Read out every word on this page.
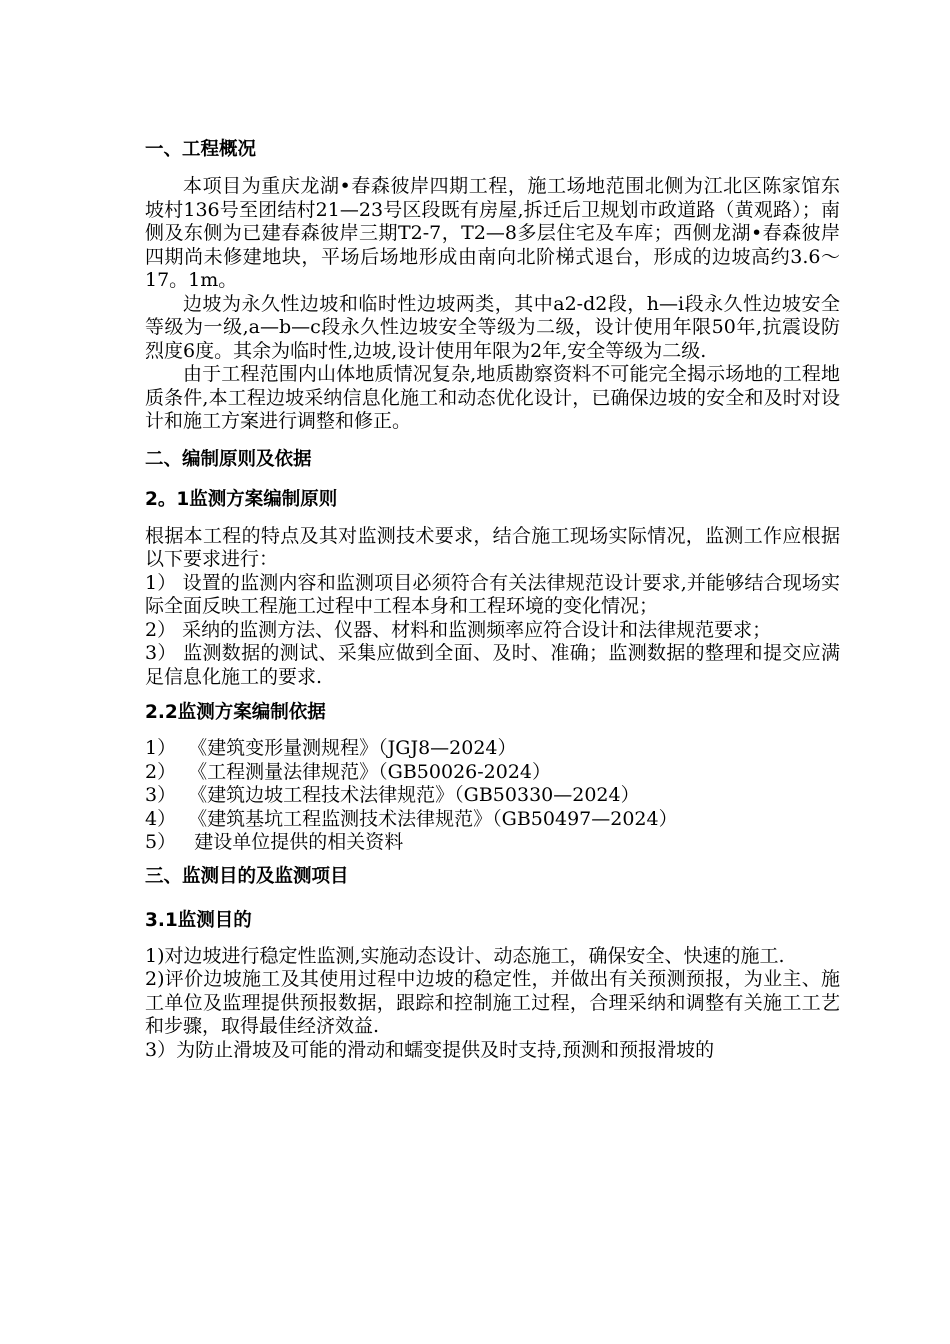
一、工程概况

本项目为重庆龙湖•春森彼岸四期工程，施工场地范围北侧为江北区陈家馆东坡村136号至团结村21—23号区段既有房屋,拆迁后卫规划市政道路（黄观路）；南侧及东侧为已建春森彼岸三期T2-7，T2—8多层住宅及车库；西侧龙湖•春森彼岸四期尚未修建地块，平场后场地形成由南向北阶梯式退台，形成的边坡高约3.6～17。1m。

边坡为永久性边坡和临时性边坡两类，其中a2-d2段，h—i段永久性边坡安全等级为一级,a—b—c段永久性边坡安全等级为二级，设计使用年限50年,抗震设防烈度6度。其余为临时性,边坡,设计使用年限为2年,安全等级为二级.

由于工程范围内山体地质情况复杂,地质勘察资料不可能完全揭示场地的工程地质条件,本工程边坡采纳信息化施工和动态优化设计，已确保边坡的安全和及时对设计和施工方案进行调整和修正。

二、编制原则及依据
2。1监测方案编制原则

根据本工程的特点及其对监测技术要求，结合施工现场实际情况，监测工作应根据以下要求进行：

1） 设置的监测内容和监测项目必须符合有关法律规范设计要求,并能够结合现场实际全面反映工程施工过程中工程本身和工程环境的变化情况；

2） 采纳的监测方法、仪器、材料和监测频率应符合设计和法律规范要求；

3） 监测数据的测试、采集应做到全面、及时、准确；监测数据的整理和提交应满足信息化施工的要求.

2.2监测方案编制依据

1）  《建筑变形量测规程》（JGJ8—2024）

2）  《工程测量法律规范》（GB50026-2024）

3）  《建筑边坡工程技术法律规范》（GB50330—2024）

4）  《建筑基坑工程监测技术法律规范》（GB50497—2024）

5）   建设单位提供的相关资料

三、监测目的及监测项目
3.1监测目的

1)对边坡进行稳定性监测,实施动态设计、动态施工，确保安全、快速的施工.

2)评价边坡施工及其使用过程中边坡的稳定性，并做出有关预测预报，为业主、施工单位及监理提供预报数据，跟踪和控制施工过程，合理采纳和调整有关施工工艺和步骤，取得最佳经济效益.

3）为防止滑坡及可能的滑动和蠕变提供及时支持,预测和预报滑坡的
